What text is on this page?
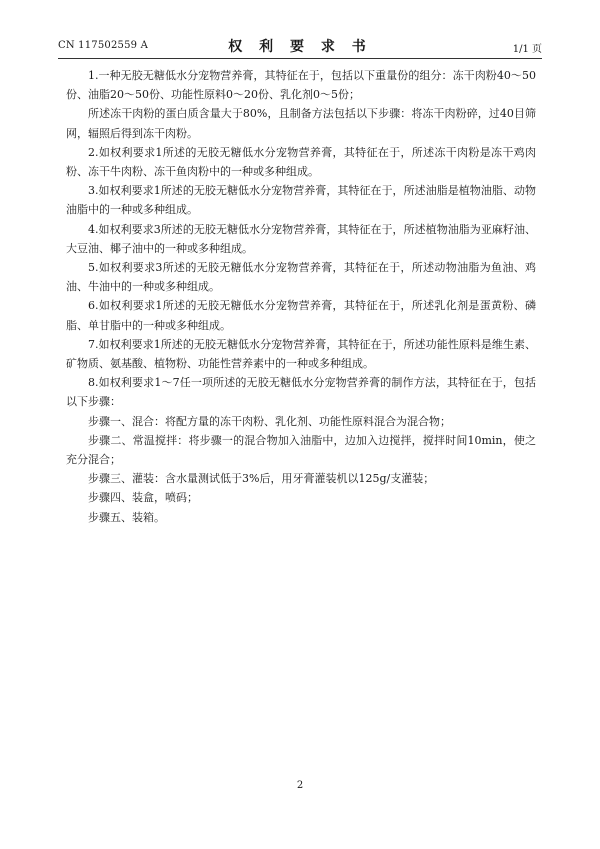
CN 117502559 A	权 利 要 求 书	1/1 页

1.一种无胶无糖低水分宠物营养膏，其特征在于，包括以下重量份的组分：冻干肉粉40～50份、油脂20～50份、功能性原料0～20份、乳化剂0～5份；

所述冻干肉粉的蛋白质含量大于80%，且制备方法包括以下步骤：将冻干肉粉碎，过40目筛网，辐照后得到冻干肉粉。

2.如权利要求1所述的无胶无糖低水分宠物营养膏，其特征在于，所述冻干肉粉是冻干鸡肉粉、冻干牛肉粉、冻干鱼肉粉中的一种或多种组成。

3.如权利要求1所述的无胶无糖低水分宠物营养膏，其特征在于，所述油脂是植物油脂、动物油脂中的一种或多种组成。

4.如权利要求3所述的无胶无糖低水分宠物营养膏，其特征在于，所述植物油脂为亚麻籽油、大豆油、椰子油中的一种或多种组成。

5.如权利要求3所述的无胶无糖低水分宠物营养膏，其特征在于，所述动物油脂为鱼油、鸡油、牛油中的一种或多种组成。

6.如权利要求1所述的无胶无糖低水分宠物营养膏，其特征在于，所述乳化剂是蛋黄粉、磷脂、单甘脂中的一种或多种组成。

7.如权利要求1所述的无胶无糖低水分宠物营养膏，其特征在于，所述功能性原料是维生素、矿物质、氨基酸、植物粉、功能性营养素中的一种或多种组成。

8.如权利要求1～7任一项所述的无胶无糖低水分宠物营养膏的制作方法，其特征在于，包括以下步骤：

步骤一、混合：将配方量的冻干肉粉、乳化剂、功能性原料混合为混合物；

步骤二、常温搅拌：将步骤一的混合物加入油脂中，边加入边搅拌，搅拌时间10min，使之充分混合；

步骤三、灌装：含水量测试低于3%后，用牙膏灌装机以125g/支灌装；

步骤四、装盒，喷码；

步骤五、装箱。

2
